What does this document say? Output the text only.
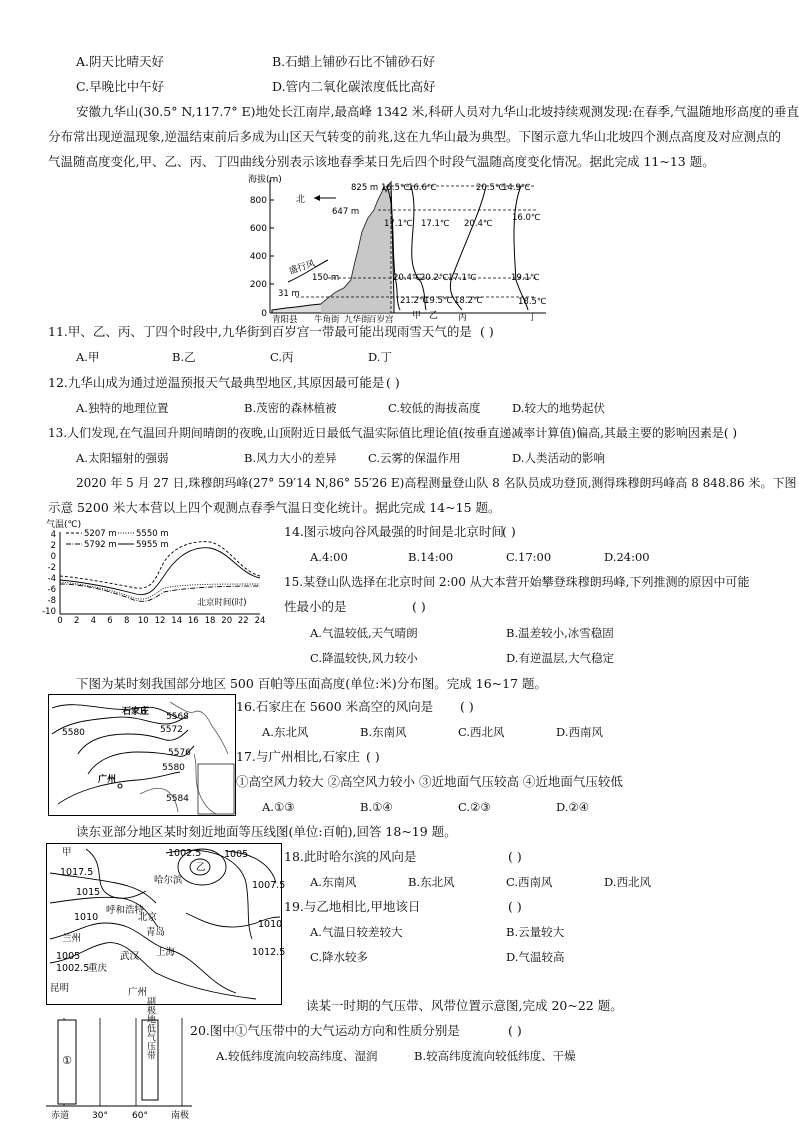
A.阴天比晴天好	B.石蜡上铺砂石比不铺砂石好
C.早晚比中午好	D.管内二氧化碳浓度低比高好
安徽九华山(30.5° N,117.7° E)地处长江南岸,最高峰 1342 米,科研人员对九华山北坡持续观测发现:在春季,气温随地形高度的垂直
分布常出现逆温现象,逆温结束前后多成为山区天气转变的前兆,这在九华山最为典型。下图示意九华山北坡四个测点高度及对应测点的
气温随高度变化,甲、乙、丙、丁四曲线分别表示该地春季某日先后四个时段气温随高度变化情况。据此完成 11~13 题。
海拔(m)
800
600
400
200
0
北
盛行风
825 m
647 m
150 m
31 m
16.5℃
16.6℃	20.5℃
14.9℃
17.1℃ 17.1℃ 20.4℃
16.0℃
20.4℃
20.2℃ 17.1℃	19.1℃
21.2℃
19.5℃ 18.2℃	18.5℃
青阳县 牛角街 九华街
百岁宫 甲 乙 丙	丁
11.甲、乙、丙、丁四个时段中,九华街到百岁宫一带最可能出现雨雪天气的是 ( )
A.甲	B.乙	C.丙	D.丁
12.九华山成为通过逆温预报天气最典型地区,其原因最可能是 ( )
A.独特的地理位置	B.茂密的森林植被	C.较低的海拔高度	D.较大的地势起伏
13.人们发现,在气温回升期间晴朗的夜晚,山顶附近日最低气温实际值比理论值(按垂直递减率计算值)偏高,其最主要的影响因素是( )
A.太阳辐射的强弱	B.风力大小的差异	C.云雾的保温作用	D.人类活动的影响
2020 年 5 月 27 日,珠穆朗玛峰(27° 59′14 N,86° 55′26 E)高程测量登山队 8 名队员成功登顶,测得珠穆朗玛峰高 8 848.86 米。下图
示意 5200 米大本营以上四个观测点春季气温日变化统计。据此完成 14~15 题。
气温(℃)
4
2
0
-2
-4
-6
-8
-10
0 2 4 6 8 10 12 14 16 18 20 22 24
北京时间(时)
5207 m 5550 m
5792 m 5955 m
14.图示坡向谷风最强的时间是北京时间
( )
A.4:00	B.14:00	C.17:00	D.24:00
15.某登山队选择在北京时间 2:00 从大本营开始攀登珠穆朗玛峰,下列推测的原因中可能
性最小的是	( )
A.气温较低,天气晴朗	B.温差较小,冰雪稳固
C.降温较快,风力较小	D.有逆温层,大气稳定
下图为某时刻我国部分地区 500 百帕等压面高度(单位:米)分布图。完成 16~17 题。
石家庄 5568
5572
5580
5576
5580
5584
广州
16.石家庄在 5600 米高空的风向是 ( )
A.东北风	B.东南风	C.西北风	D.西南风
17.与广州相比,石家庄 ( )
①高空风力较大 ②高空风力较小 ③近地面气压较高 ④近地面气压较低
A.①③	B.①④	C.②③	D.②④
读东亚部分地区某时刻近地面等压线图(单位:百帕),回答 18~19 题。
甲
1017.5
1015
1010
1002.5
乙
1005
哈尔滨
呼和浩特
北京
1007.5
兰州
青岛
1010
1005
1002.5
重庆
武汉 上海	1012.5
昆明	广州
18.此时哈尔滨的风向是	( )
A.东南风	B.东北风	C.西南风	D.西北风
19.与乙地相比,甲地该日	( )
A.气温日较差较大	B.云量较大
C.降水较多	D.气温较高
读某一时期的气压带、风带位置示意图,完成 20~22 题。
①
副极地低气压带
赤道	30°	60°	南极
20.图中①气压带中的大气运动方向和性质分别是	( )
A.较低纬度流向较高纬度、湿润	B.较高纬度流向较低纬度、干燥
